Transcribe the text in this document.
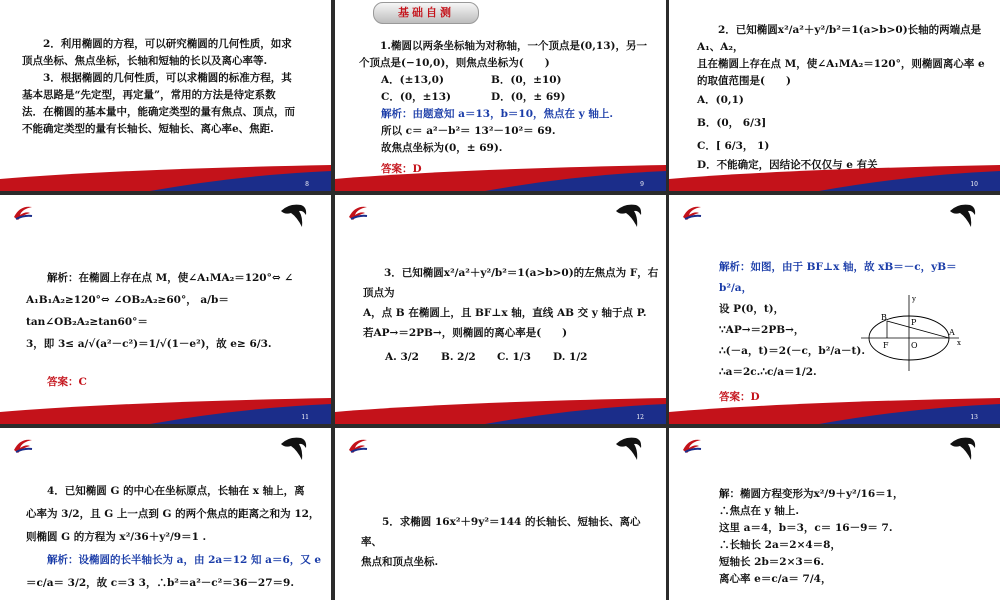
2．利用椭圆的方程，可以研究椭圆的几何性质，如求
顶点坐标、焦点坐标，长轴和短轴的长以及离心率等.
3．根据椭圆的几何性质，可以求椭圆的标准方程，其
基本思路是“先定型，再定量”，常用的方法是待定系数
法．在椭圆的基本量中，能确定类型的量有焦点、顶点，而
不能确定类型的量有长轴长、短轴长、离心率e、焦距.
8
基础自测
1.椭圆以两条坐标轴为对称轴，一个顶点是(0,13)，另一
个顶点是(−10,0)，则焦点坐标为(　　)
A．(±13,0)	B．(0，±10)
C．(0，±13)	D．(0，± 69)
解析：由题意知 a＝13，b＝10，焦点在 y 轴上.
所以 c＝ a²－b²＝ 13²－10²＝ 69.
故焦点坐标为(0，± 69).
答案：D
9
2．已知椭圆x²/a²＋y²/b²＝1(a>b>0)长轴的两端点是 A₁、A₂，
且在椭圆上存在点 M，使∠A₁MA₂＝120°，则椭圆离心率 e
的取值范围是(　　)
A．(0,1)
B．(0， 6/3]
C．[ 6/3， 1)
D．不能确定，因结论不仅仅与 e 有关
10
解析：在椭圆上存在点 M，使∠A₁MA₂＝120°⇔ ∠
A₁B₁A₂≥120°⇔ ∠OB₂A₂≥60°， a/b＝tan∠OB₂A₂≥tan60°＝
3，即 3≤ a/√(a²－c²)＝1/√(1－e²)，故 e≥ 6/3.
答案：C
11
3．已知椭圆x²/a²＋y²/b²＝1(a>b>0)的左焦点为 F，右顶点为
A，点 B 在椭圆上，且 BF⊥x 轴，直线 AB 交 y 轴于点 P.
若AP→＝2PB→，则椭圆的离心率是(　　)
A. 3/2	B. 2/2	C. 1/3	D. 1/2
12
解析：如图，由于 BF⊥x 轴，故 xB＝－c，yB＝b²/a，
设 P(0，t)，
∵AP→＝2PB→，
∴(－a，t)＝2(－c，b²/a－t).
∴a＝2c.∴c/a＝1/2.
答案：D
B
P
F	O
A
x
y
13
4．已知椭圆 G 的中心在坐标原点，长轴在 x 轴上，离
心率为 3/2，且 G 上一点到 G 的两个焦点的距离之和为 12，
则椭圆 G 的方程为 x²/36＋y²/9＝1 .
解析：设椭圆的长半轴长为 a，由 2a＝12 知 a＝6，又 e
＝c/a＝ 3/2，故 c＝3 3，∴b²＝a²－c²＝36－27＝9.
5．求椭圆 16x²＋9y²＝144 的长轴长、短轴长、离心率、
焦点和顶点坐标.
解：椭圆方程变形为x²/9＋y²/16＝1，
∴焦点在 y 轴上.
这里 a＝4，b＝3，c＝ 16－9＝ 7.
∴长轴长 2a＝2×4＝8，
短轴长 2b＝2×3＝6.
离心率 e＝c/a＝ 7/4，
